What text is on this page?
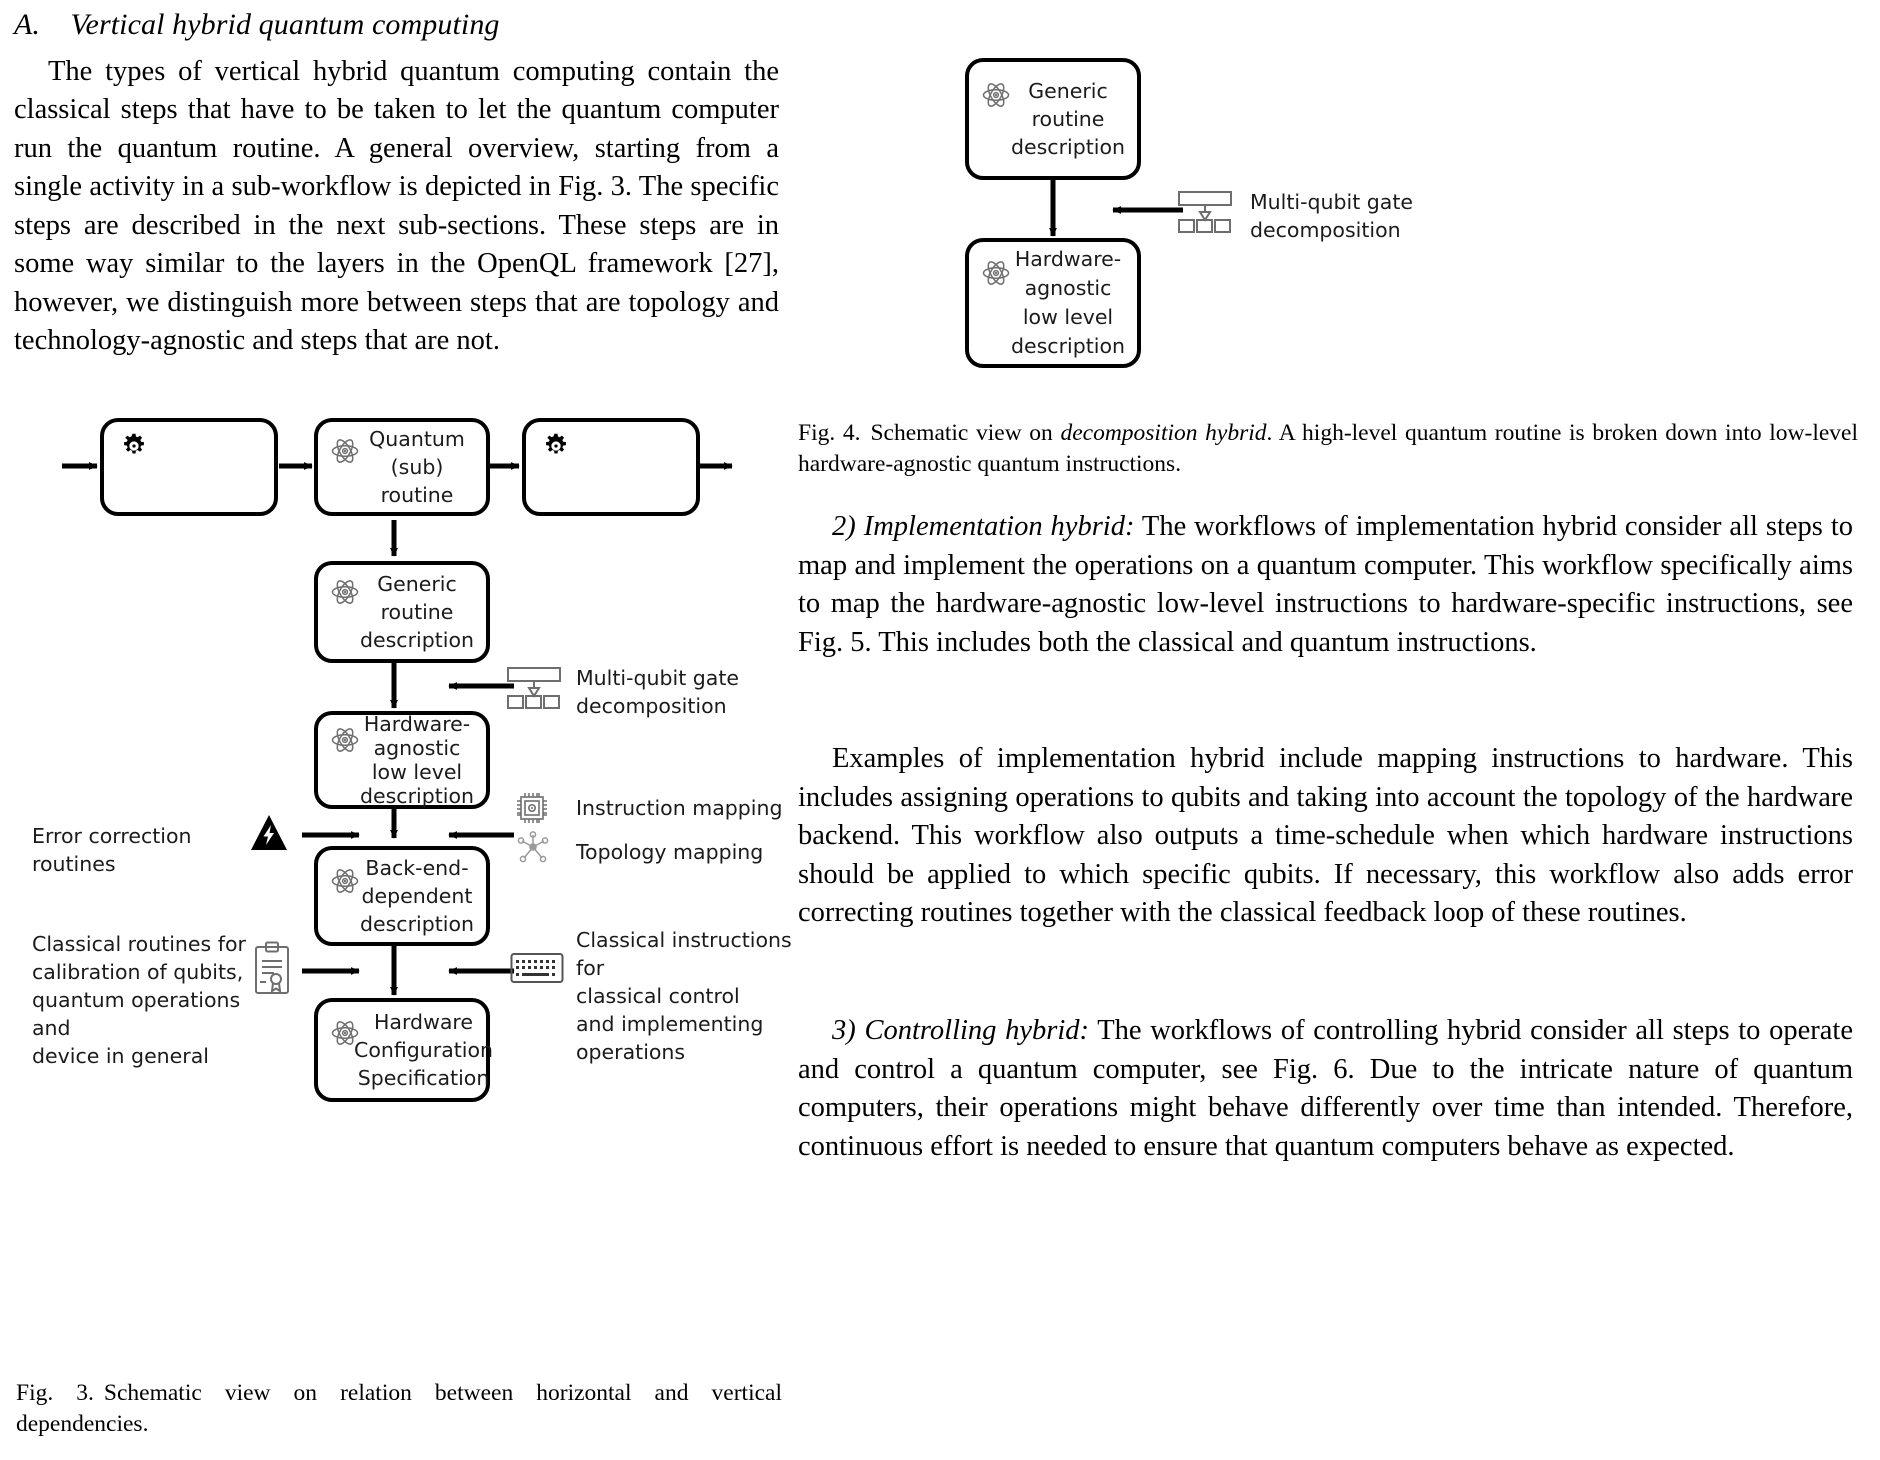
A. Vertical hybrid quantum computing

The types of vertical hybrid quantum computing contain the classical steps that have to be taken to let the quantum computer run the quantum routine. A general overview, starting from a single activity in a sub-workflow is depicted in Fig. 3. The specific steps are described in the next sub-sections. These steps are in some way similar to the layers in the OpenQL framework [27], however, we distinguish more between steps that are topology and technology-agnostic and steps that are not.

Quantum
(sub) routine
Generic
routine
description
Multi-qubit gate
decomposition
Hardware-
agnostic
low level
description
Error correction routines
Instruction mapping
Topology mapping
Back-end-
dependent
description
Classical routines for
calibration of qubits,
quantum operations and
device in general
Classical instructions for
classical control
and implementing
operations
Hardware
Configuration
Specification
Fig. 3. Schematic view on relation between horizontal and vertical dependencies.
Generic
routine
description
Multi-qubit gate
decomposition
Hardware-
agnostic
low level
description
Fig. 4. Schematic view on decomposition hybrid. A high-level quantum routine is broken down into low-level hardware-agnostic quantum instructions.

2) Implementation hybrid: The workflows of implementation hybrid consider all steps to map and implement the operations on a quantum computer. This workflow specifically aims to map the hardware-agnostic low-level instructions to hardware-specific instructions, see Fig. 5. This includes both the classical and quantum instructions.

Examples of implementation hybrid include mapping instructions to hardware. This includes assigning operations to qubits and taking into account the topology of the hardware backend. This workflow also outputs a time-schedule when which hardware instructions should be applied to which specific qubits. If necessary, this workflow also adds error correcting routines together with the classical feedback loop of these routines.

3) Controlling hybrid: The workflows of controlling hybrid consider all steps to operate and control a quantum computer, see Fig. 6. Due to the intricate nature of quantum computers, their operations might behave differently over time than intended. Therefore, continuous effort is needed to ensure that quantum computers behave as expected.
